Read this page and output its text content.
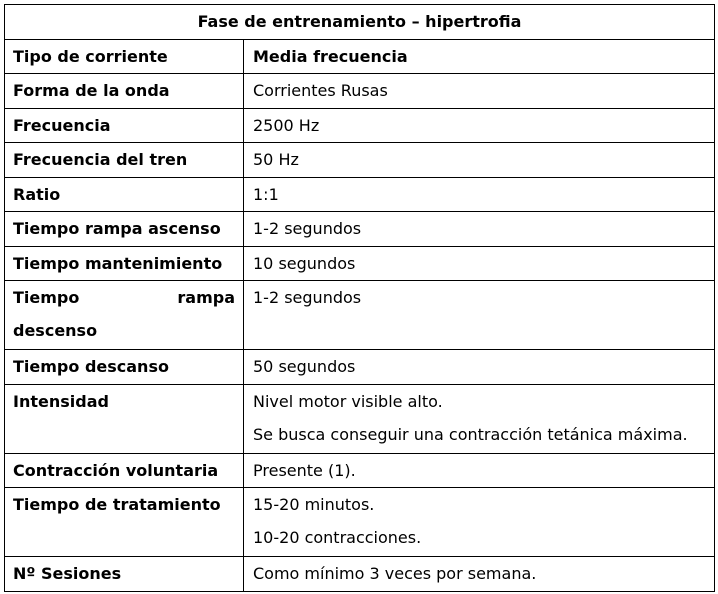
Fase de entrenamiento – hipertrofia	

Tipo de corriente	Media frecuencia

Forma de la onda	Corrientes Rusas

Frecuencia	2500 Hz

Frecuencia del tren	50 Hz

Ratio	1:1

Tiempo rampa ascenso	1-2 segundos

Tiempo mantenimiento	10 segundos

Tiempo rampa
descenso	1-2 segundos

Tiempo descanso	50 segundos

Intensidad	Nivel motor visible alto.
Se busca conseguir una contracción tetánica máxima.

Contracción voluntaria	Presente (1).

Tiempo de tratamiento	15-20 minutos.
10-20 contracciones.

Nº Sesiones	Como mínimo 3 veces por semana.
